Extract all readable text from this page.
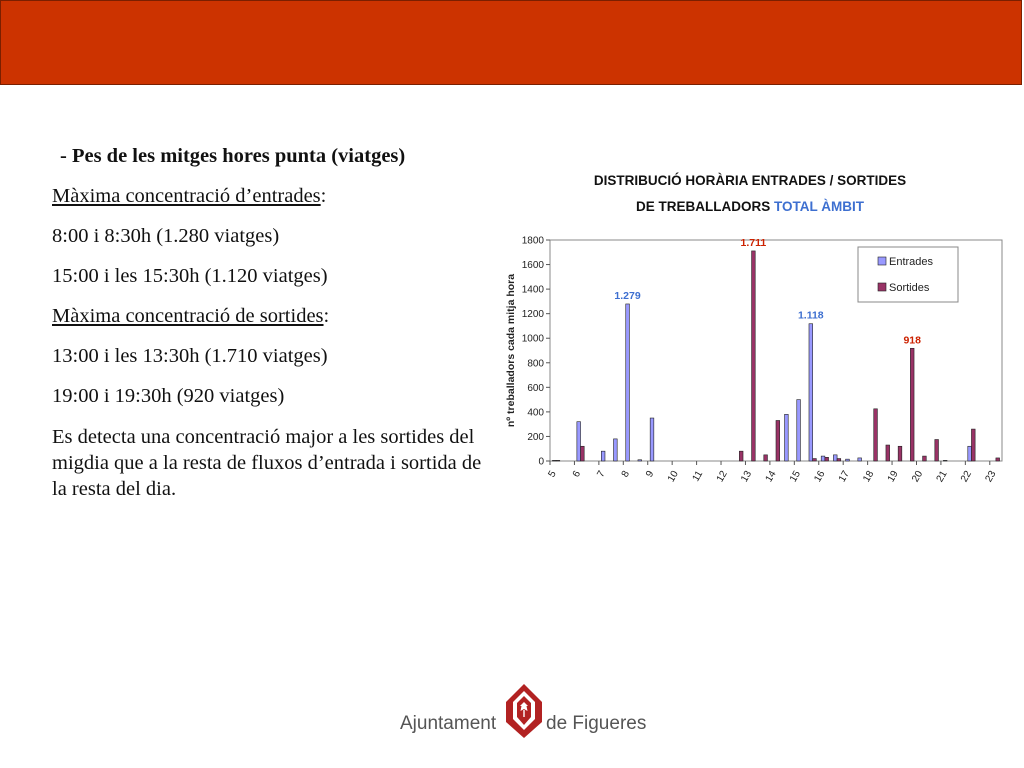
- Pes de les mitges hores punta (viatges)
Màxima concentració d’entrades:
8:00 i 8:30h (1.280 viatges)
15:00 i les 15:30h (1.120 viatges)
Màxima concentració de sortides:
13:00 i les 13:30h (1.710 viatges)
19:00 i 19:30h (920 viatges)
Es detecta una concentració major a les sortides del migdia que a la resta de fluxos d’entrada i sortida de la resta del dia.
DISTRIBUCIÓ HORÀRIA ENTRADES / SORTIDES
DE TREBALLADORS TOTAL ÀMBIT
0
200
400
600
800
1000
1200
1400
1600
1800
nº treballadors cada mitja hora
5 6 7 8 9 10 11 12 13 14 15 16 17 18 19 20 21 22 23
1.279
1.711
1.118
918
Entrades
Sortides
Ajuntament	de Figueres
